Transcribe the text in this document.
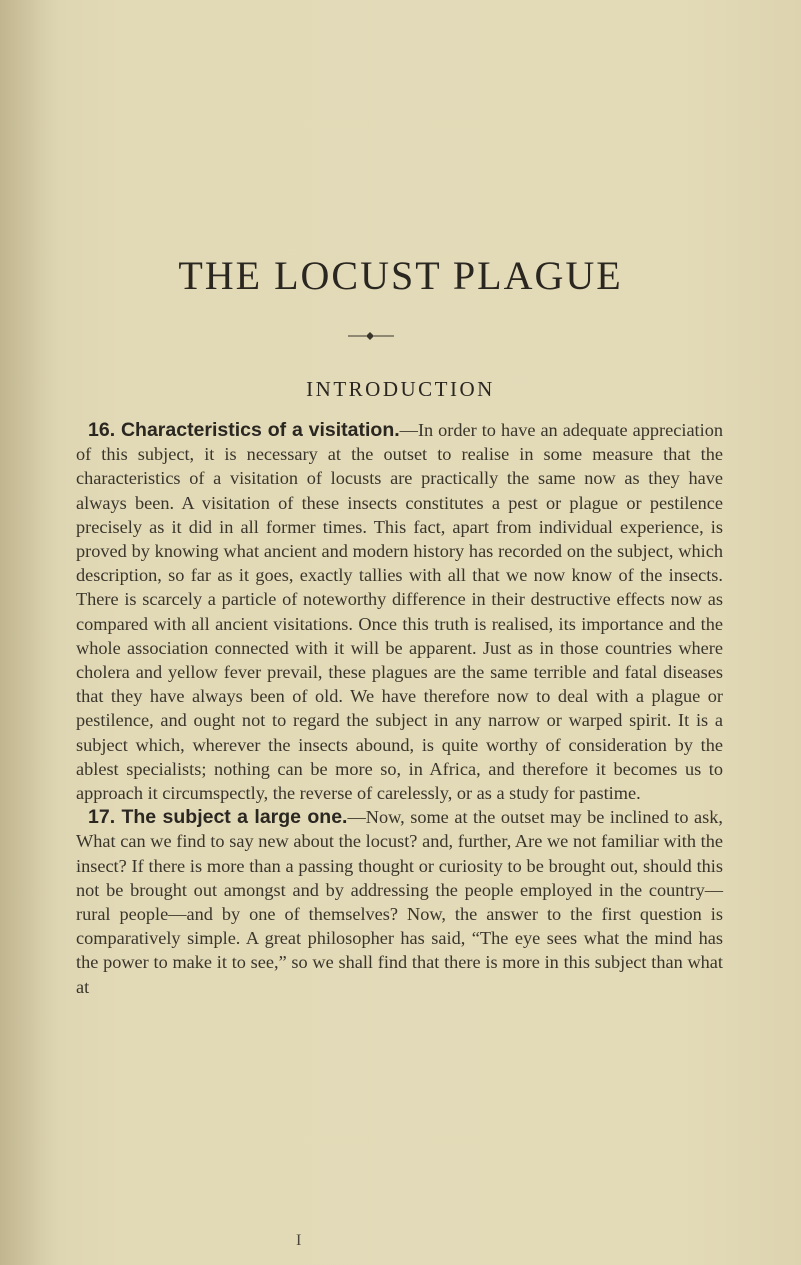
THE LOCUST PLAGUE
INTRODUCTION

16. Characteristics of a visitation.—In order to have an adequate appreciation of this subject, it is necessary at the outset to realise in some measure that the characteristics of a visitation of locusts are practically the same now as they have always been. A visitation of these insects constitutes a pest or plague or pestilence precisely as it did in all former times. This fact, apart from individual experience, is proved by knowing what ancient and modern history has recorded on the subject, which description, so far as it goes, exactly tallies with all that we now know of the insects. There is scarcely a particle of noteworthy difference in their destructive effects now as compared with all ancient visitations. Once this truth is realised, its importance and the whole association connected with it will be apparent. Just as in those countries where cholera and yellow fever prevail, these plagues are the same terrible and fatal diseases that they have always been of old. We have therefore now to deal with a plague or pestilence, and ought not to regard the subject in any narrow or warped spirit. It is a subject which, wherever the insects abound, is quite worthy of consideration by the ablest specialists; nothing can be more so, in Africa, and therefore it becomes us to approach it circumspectly, the reverse of carelessly, or as a study for pastime.

17. The subject a large one.—Now, some at the outset may be inclined to ask, What can we find to say new about the locust? and, further, Are we not familiar with the insect? If there is more than a passing thought or curiosity to be brought out, should this not be brought out amongst and by addressing the people employed in the country—rural people—and by one of themselves? Now, the answer to the first question is comparatively simple. A great philosopher has said, “The eye sees what the mind has the power to make it to see,” so we shall find that there is more in this subject than what at

I
